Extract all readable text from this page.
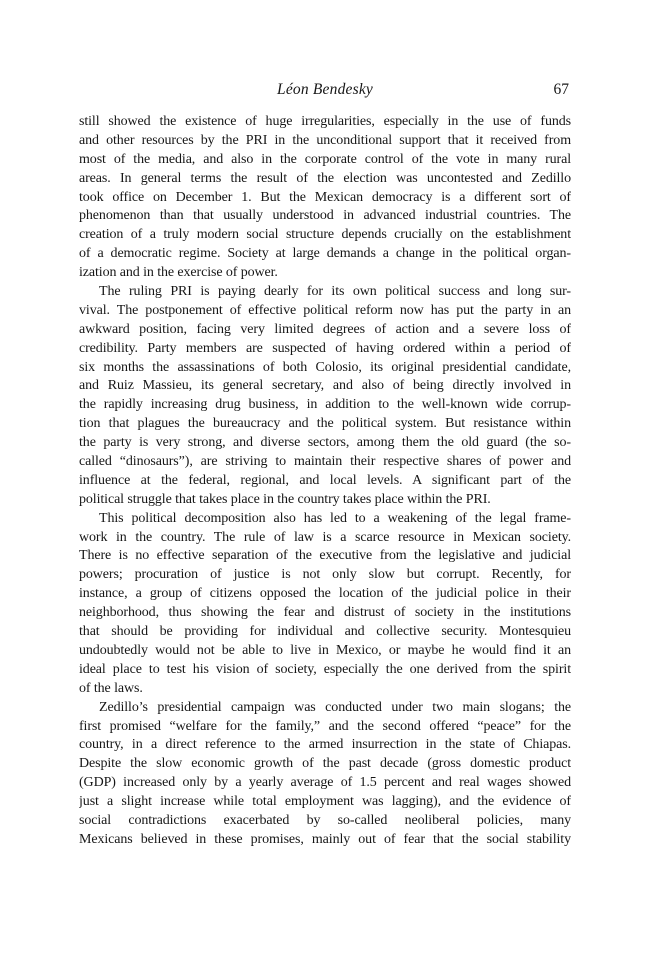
Léon Bendesky	67
still showed the existence of huge irregularities, especially in the use of funds
and other resources by the PRI in the unconditional support that it received from
most of the media, and also in the corporate control of the vote in many rural
areas. In general terms the result of the election was uncontested and Zedillo
took office on December 1. But the Mexican democracy is a different sort of
phenomenon than that usually understood in advanced industrial countries. The
creation of a truly modern social structure depends crucially on the establishment
of a democratic regime. Society at large demands a change in the political organ-
ization and in the exercise of power.
The ruling PRI is paying dearly for its own political success and long sur-
vival. The postponement of effective political reform now has put the party in an
awkward position, facing very limited degrees of action and a severe loss of
credibility. Party members are suspected of having ordered within a period of
six months the assassinations of both Colosio, its original presidential candidate,
and Ruiz Massieu, its general secretary, and also of being directly involved in
the rapidly increasing drug business, in addition to the well-known wide corrup-
tion that plagues the bureaucracy and the political system. But resistance within
the party is very strong, and diverse sectors, among them the old guard (the so-
called “dinosaurs”), are striving to maintain their respective shares of power and
influence at the federal, regional, and local levels. A significant part of the
political struggle that takes place in the country takes place within the PRI.
This political decomposition also has led to a weakening of the legal frame-
work in the country. The rule of law is a scarce resource in Mexican society.
There is no effective separation of the executive from the legislative and judicial
powers; procuration of justice is not only slow but corrupt. Recently, for
instance, a group of citizens opposed the location of the judicial police in their
neighborhood, thus showing the fear and distrust of society in the institutions
that should be providing for individual and collective security. Montesquieu
undoubtedly would not be able to live in Mexico, or maybe he would find it an
ideal place to test his vision of society, especially the one derived from the spirit
of the laws.
Zedillo’s presidential campaign was conducted under two main slogans; the
first promised “welfare for the family,” and the second offered “peace” for the
country, in a direct reference to the armed insurrection in the state of Chiapas.
Despite the slow economic growth of the past decade (gross domestic product
(GDP) increased only by a yearly average of 1.5 percent and real wages showed
just a slight increase while total employment was lagging), and the evidence of
social contradictions exacerbated by so-called neoliberal policies, many
Mexicans believed in these promises, mainly out of fear that the social stability
